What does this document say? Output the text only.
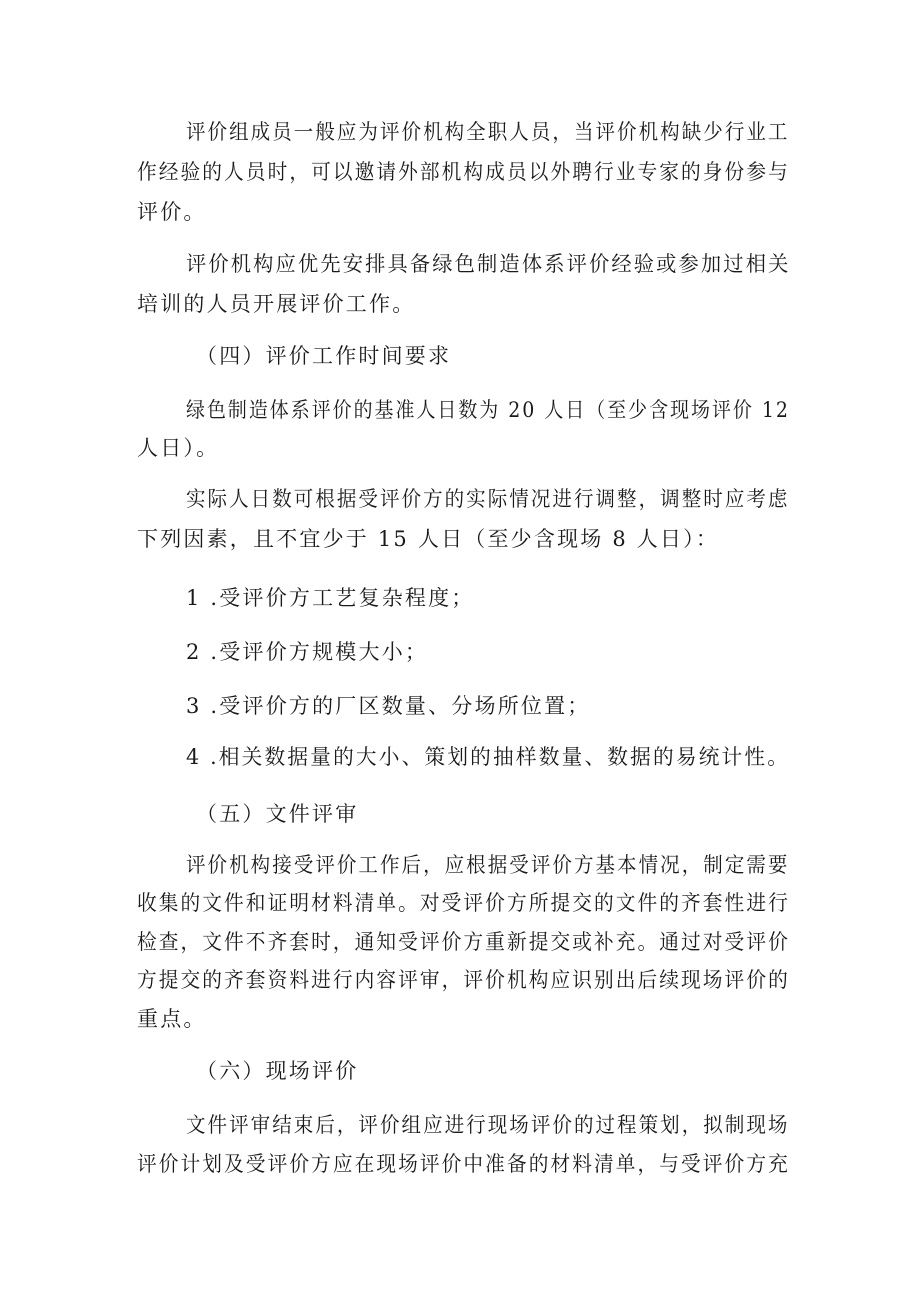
评价组成员一般应为评价机构全职人员，当评价机构缺少行业工
作经验的人员时，可以邀请外部机构成员以外聘行业专家的身份参与
评价。
评价机构应优先安排具备绿色制造体系评价经验或参加过相关
培训的人员开展评价工作。
（四）评价工作时间要求
绿色制造体系评价的基准人日数为 20 人日（至少含现场评价 12
人日）。
实际人日数可根据受评价方的实际情况进行调整，调整时应考虑
下列因素，且不宜少于 15 人日（至少含现场 8 人日）：
1 .受评价方工艺复杂程度；
2 .受评价方规模大小；
3 .受评价方的厂区数量、分场所位置；
4 .相关数据量的大小、策划的抽样数量、数据的易统计性。
（五）文件评审
评价机构接受评价工作后，应根据受评价方基本情况，制定需要
收集的文件和证明材料清单。对受评价方所提交的文件的齐套性进行
检查，文件不齐套时，通知受评价方重新提交或补充。通过对受评价
方提交的齐套资料进行内容评审，评价机构应识别出后续现场评价的
重点。
（六）现场评价
文件评审结束后，评价组应进行现场评价的过程策划，拟制现场
评价计划及受评价方应在现场评价中准备的材料清单，与受评价方充
